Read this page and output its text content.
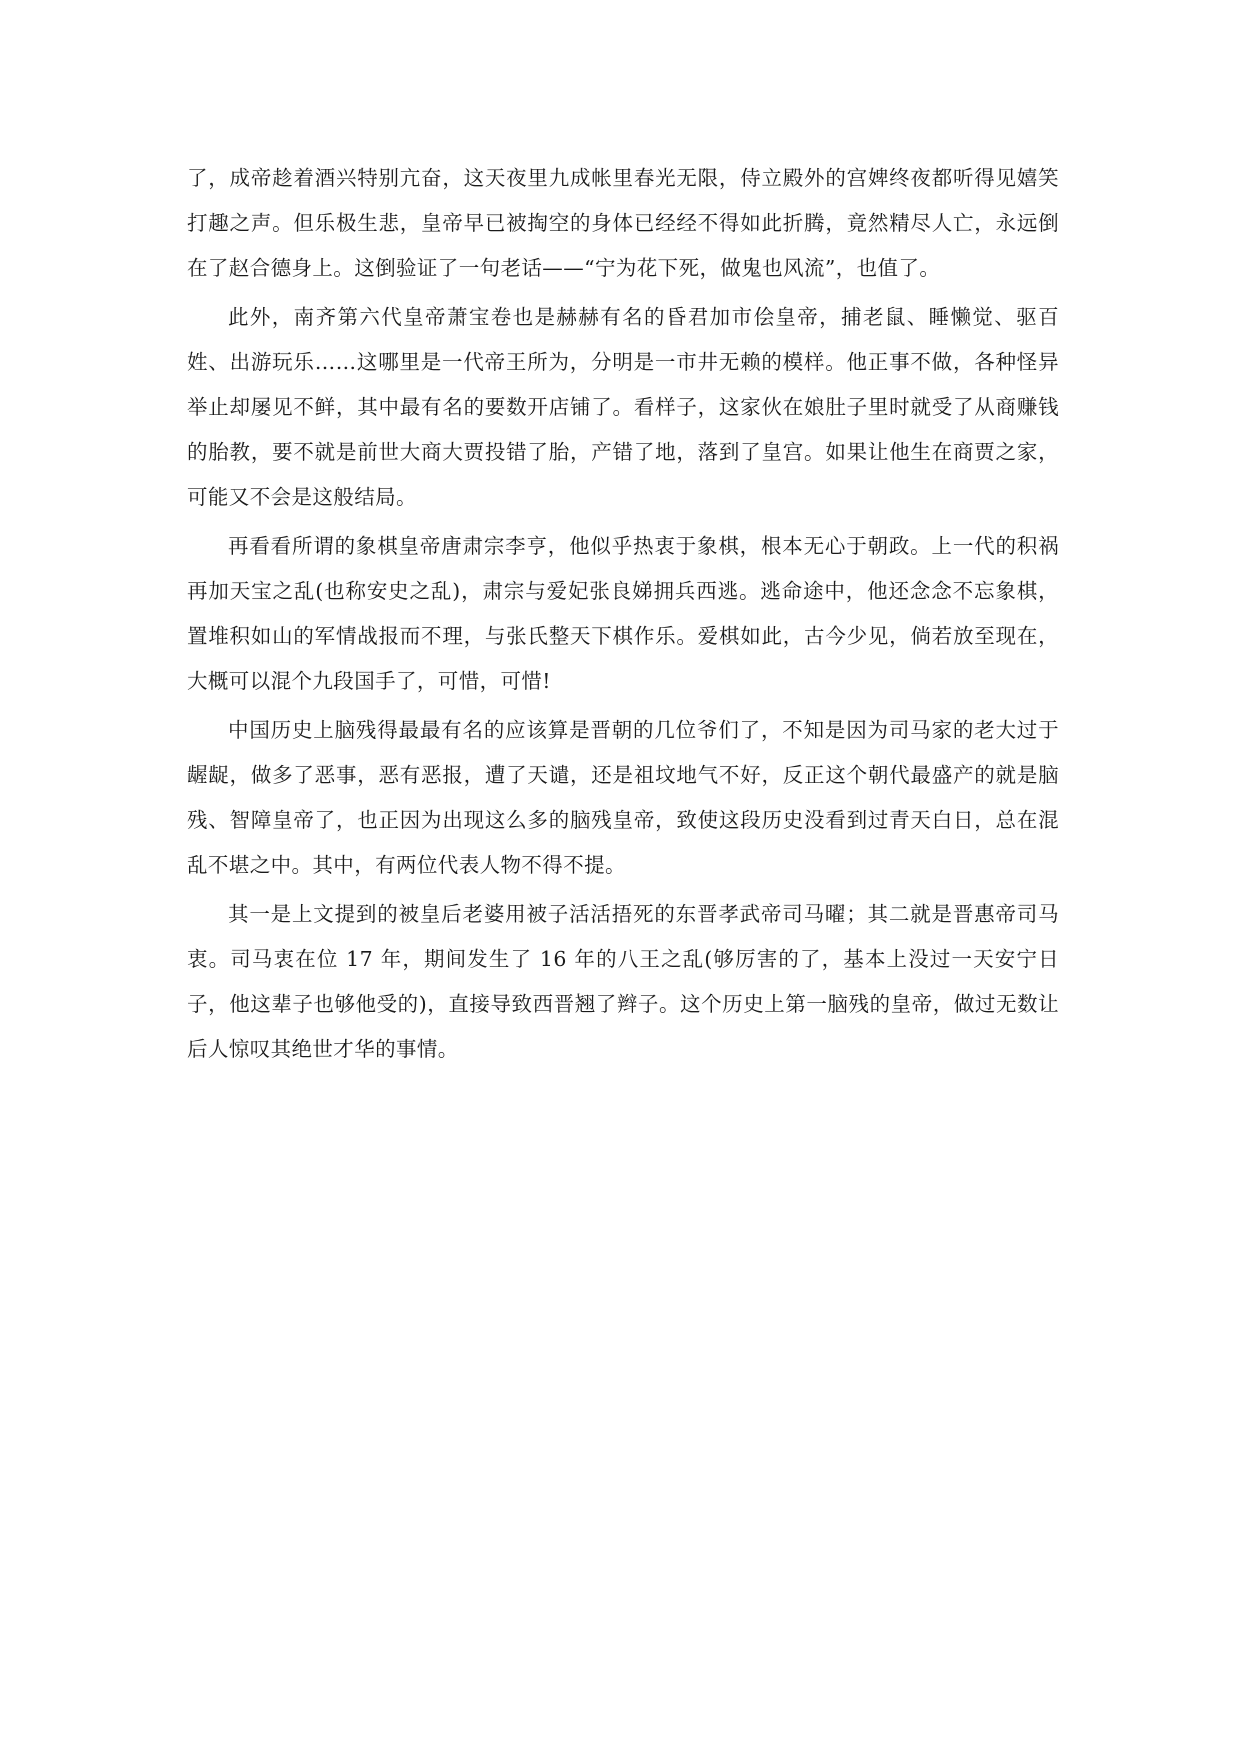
了，成帝趁着酒兴特别亢奋，这天夜里九成帐里春光无限，侍立殿外的宫婢终夜都听得见嬉笑打趣之声。但乐极生悲，皇帝早已被掏空的身体已经经不得如此折腾，竟然精尽人亡，永远倒在了赵合德身上。这倒验证了一句老话——“宁为花下死，做鬼也风流”，也值了。

此外，南齐第六代皇帝萧宝卷也是赫赫有名的昏君加市侩皇帝，捕老鼠、睡懒觉、驱百姓、出游玩乐……这哪里是一代帝王所为，分明是一市井无赖的模样。他正事不做，各种怪异举止却屡见不鲜，其中最有名的要数开店铺了。看样子，这家伙在娘肚子里时就受了从商赚钱的胎教，要不就是前世大商大贾投错了胎，产错了地，落到了皇宫。如果让他生在商贾之家，可能又不会是这般结局。

再看看所谓的象棋皇帝唐肃宗李亨，他似乎热衷于象棋，根本无心于朝政。上一代的积祸再加天宝之乱(也称安史之乱)，肃宗与爱妃张良娣拥兵西逃。逃命途中，他还念念不忘象棋，置堆积如山的军情战报而不理，与张氏整天下棋作乐。爱棋如此，古今少见，倘若放至现在，大概可以混个九段国手了，可惜，可惜!

中国历史上脑残得最最有名的应该算是晋朝的几位爷们了，不知是因为司马家的老大过于龌龊，做多了恶事，恶有恶报，遭了天谴，还是祖坟地气不好，反正这个朝代最盛产的就是脑残、智障皇帝了，也正因为出现这么多的脑残皇帝，致使这段历史没看到过青天白日，总在混乱不堪之中。其中，有两位代表人物不得不提。

其一是上文提到的被皇后老婆用被子活活捂死的东晋孝武帝司马曜；其二就是晋惠帝司马衷。司马衷在位 17 年，期间发生了 16 年的八王之乱(够厉害的了，基本上没过一天安宁日子，他这辈子也够他受的)，直接导致西晋翘了辫子。这个历史上第一脑残的皇帝，做过无数让后人惊叹其绝世才华的事情。
